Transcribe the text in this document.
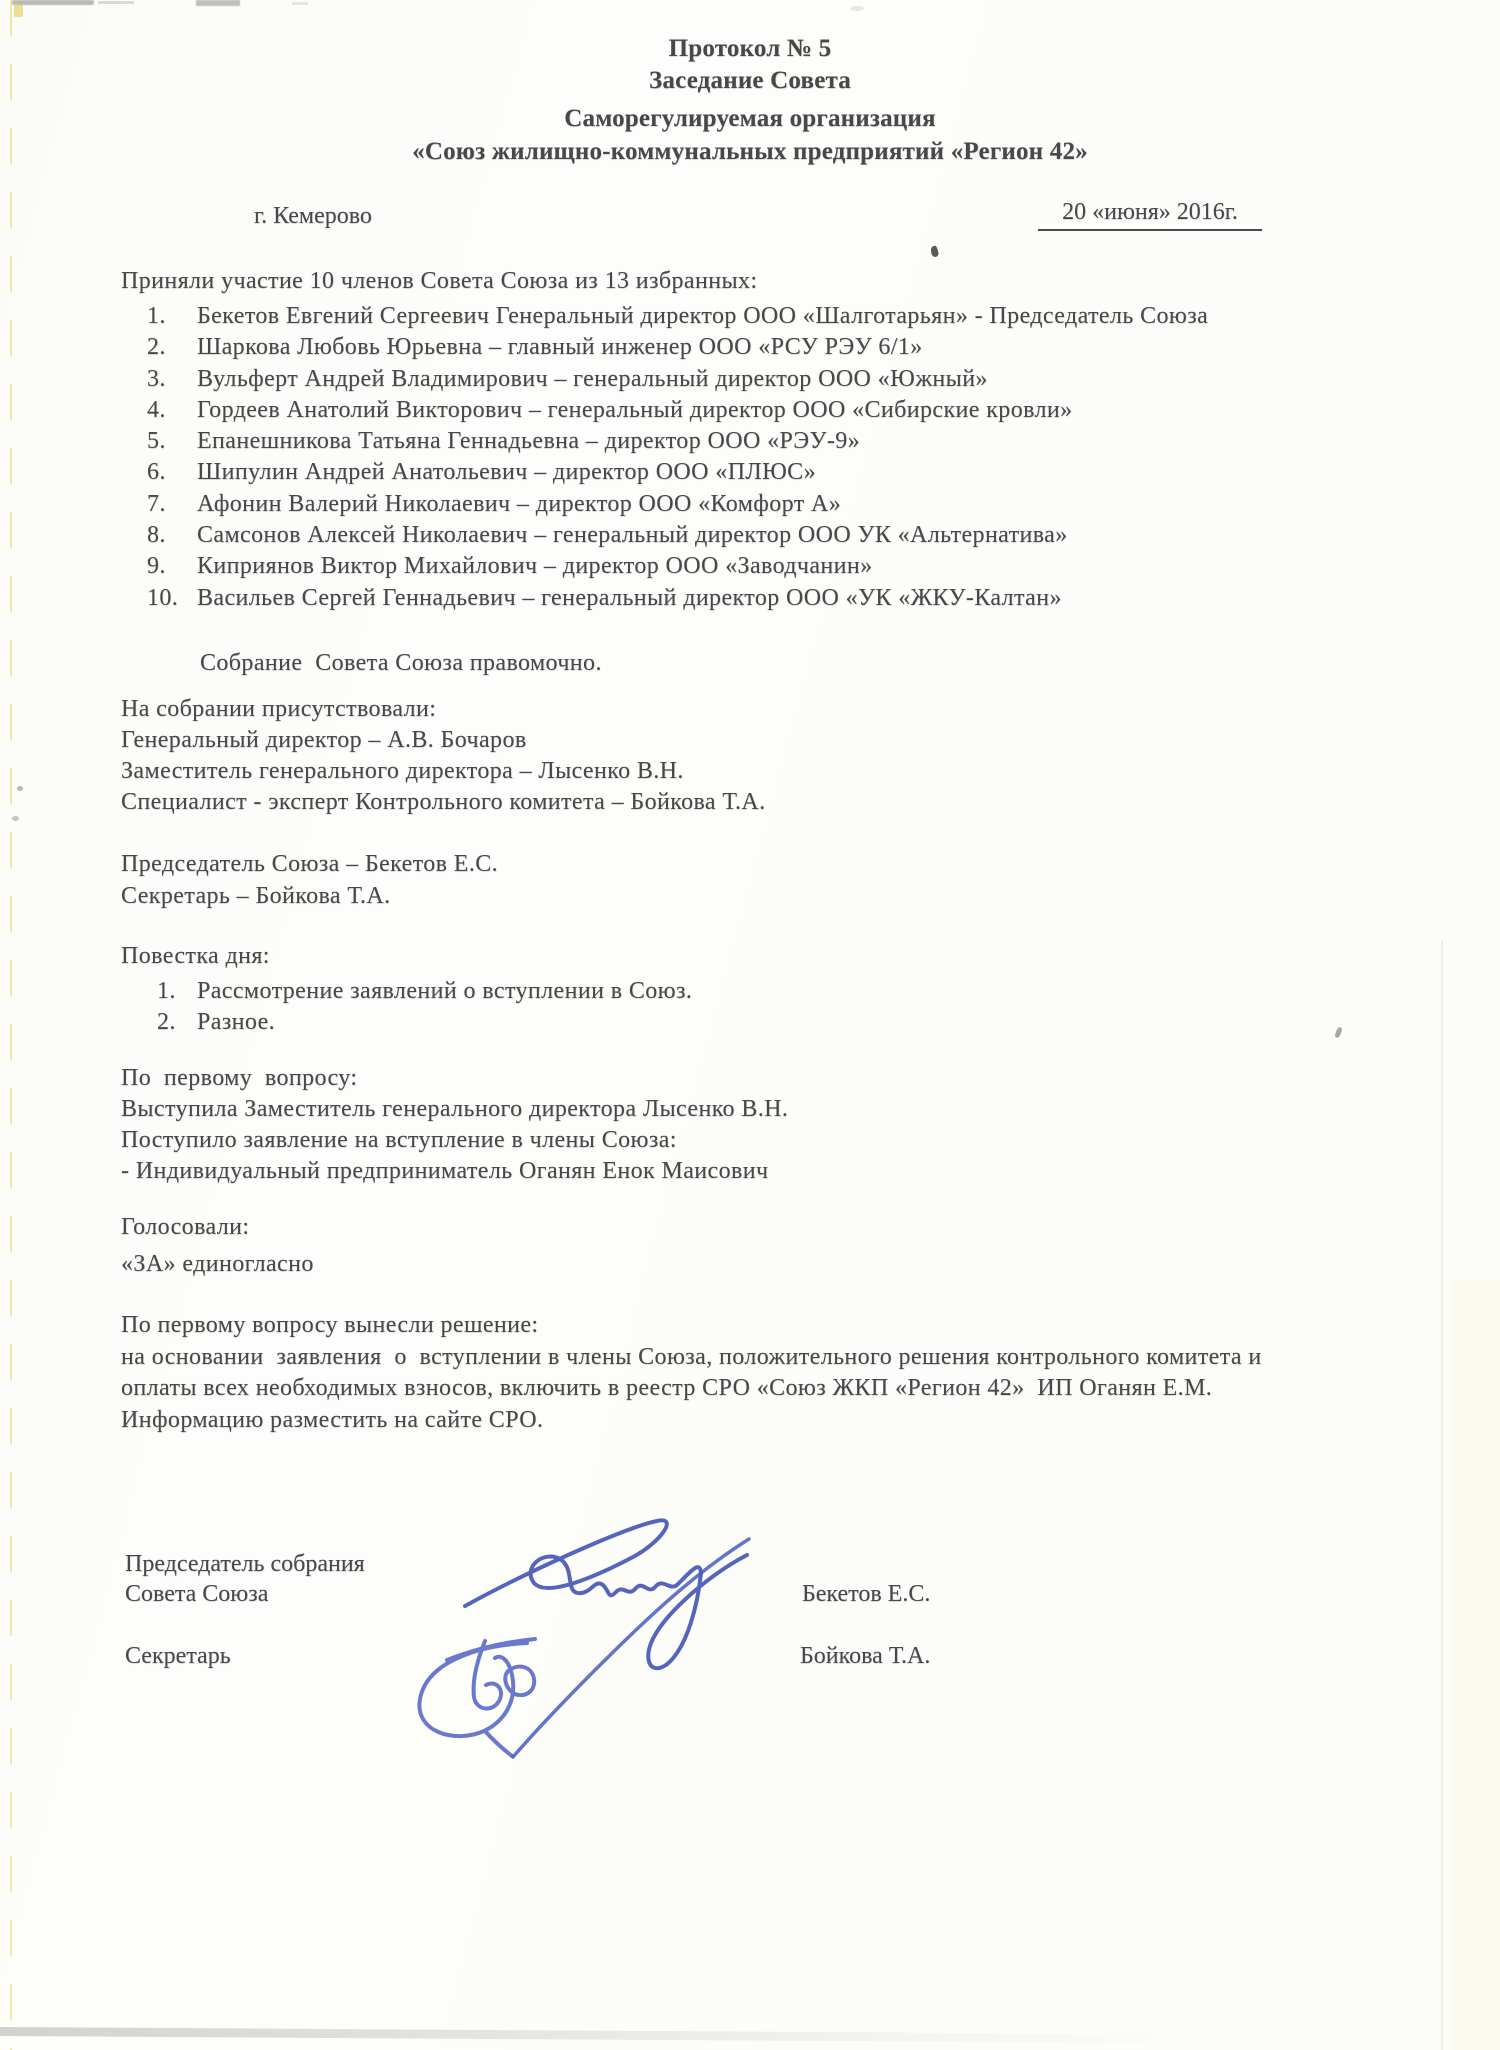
Протокол № 5
Заседание Совета
Саморегулируемая организация
«Союз жилищно-коммунальных предприятий «Регион 42»
г. Кемерово	20 «июня» 2016г.
Приняли участие 10 членов Совета Союза из 13 избранных:
1. Бекетов Евгений Сергеевич Генеральный директор ООО «Шалготарьян» - Председатель Союза
2. Шаркова Любовь Юрьевна – главный инженер ООО «РСУ РЭУ 6/1»
3. Вульферт Андрей Владимирович – генеральный директор ООО «Южный»
4. Гордеев Анатолий Викторович – генеральный директор ООО «Сибирские кровли»
5. Епанешникова Татьяна Геннадьевна – директор ООО «РЭУ-9»
6. Шипулин Андрей Анатольевич – директор ООО «ПЛЮС»
7. Афонин Валерий Николаевич – директор ООО «Комфорт А»
8. Самсонов Алексей Николаевич – генеральный директор ООО УК «Альтернатива»
9. Киприянов Виктор Михайлович – директор ООО «Заводчанин»
10. Васильев Сергей Геннадьевич – генеральный директор ООО «УК «ЖКУ-Калтан»
Собрание  Совета Союза правомочно.
На собрании присутствовали:
Генеральный директор – А.В. Бочаров
Заместитель генерального директора – Лысенко В.Н.
Специалист - эксперт Контрольного комитета – Бойкова Т.А.
Председатель Союза – Бекетов Е.С.
Секретарь – Бойкова Т.А.
Повестка дня:
1. Рассмотрение заявлений о вступлении в Союз.
2. Разное.
По  первому  вопросу:
Выступила Заместитель генерального директора Лысенко В.Н.
Поступило заявление на вступление в члены Союза:
- Индивидуальный предприниматель Оганян Енок Маисович
Голосовали:
«ЗА» единогласно
По первому вопросу вынесли решение:
на основании  заявления  о  вступлении в члены Союза, положительного решения контрольного комитета и
оплаты всех необходимых взносов, включить в реестр СРО «Союз ЖКП «Регион 42»  ИП Оганян Е.М.
Информацию разместить на сайте СРО.
Председатель собрания
Совета Союза	Бекетов Е.С.
Секретарь	Бойкова Т.А.
